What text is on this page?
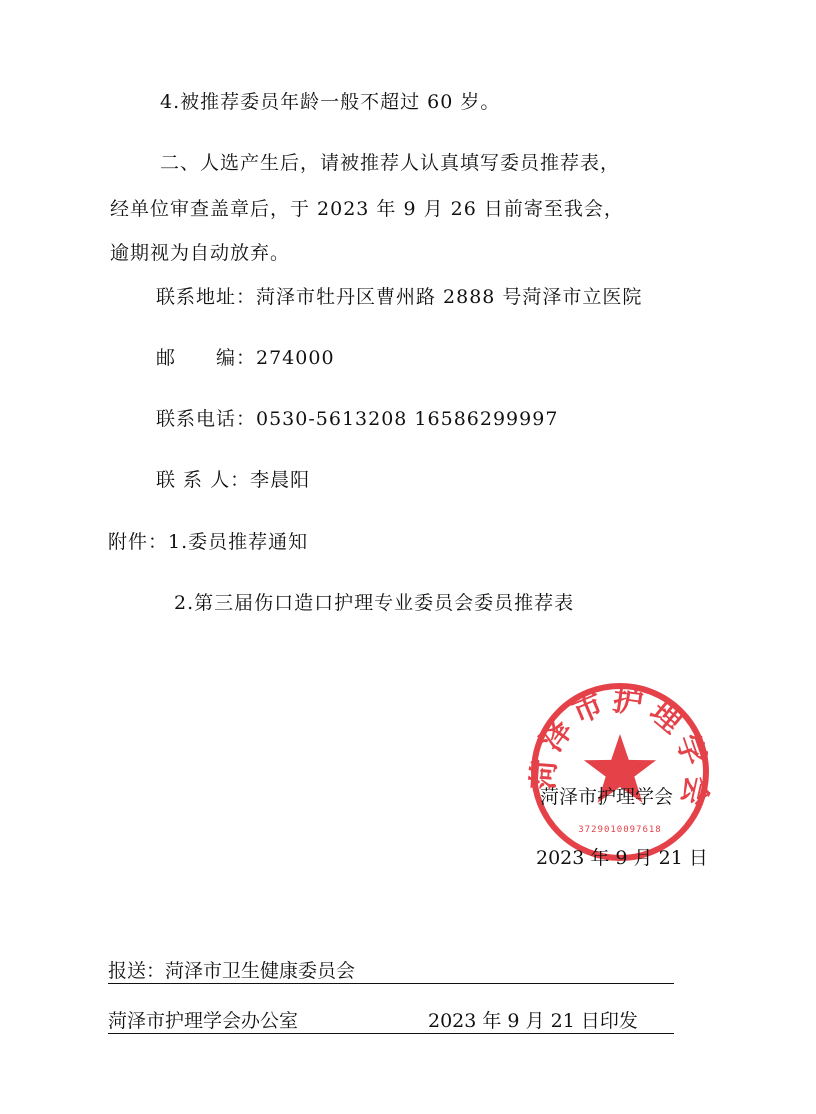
4.被推荐委员年龄一般不超过 60 岁。
二、人选产生后，请被推荐人认真填写委员推荐表，
经单位审查盖章后，于 2023 年 9 月 26 日前寄至我会，
逾期视为自动放弃。
联系地址：菏泽市牡丹区曹州路 2888 号菏泽市立医院
邮　　编：274000
联系电话：0530-5613208 16586299997
联 系 人：李晨阳
附件：1.委员推荐通知
2.第三届伤口造口护理专业委员会委员推荐表
菏泽市护理学会
3729010097618
菏泽市护理学会
2023 年 9 月 21 日
报送：菏泽市卫生健康委员会
菏泽市护理学会办公室	2023 年 9 月 21 日印发
